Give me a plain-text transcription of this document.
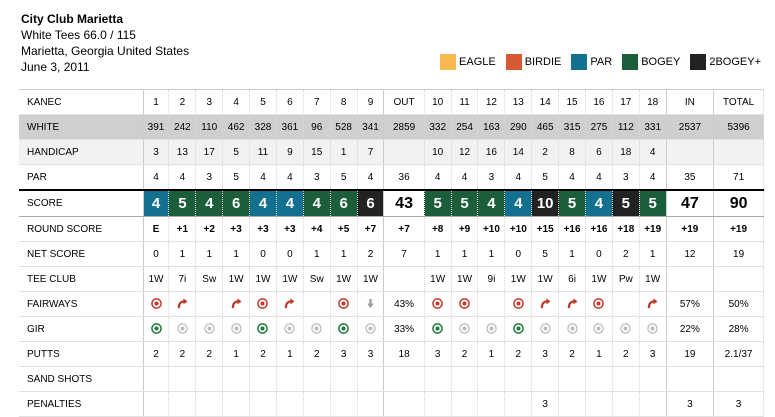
City Club Marietta
White Tees 66.0 / 115
Marietta, Georgia United States
June 3, 2011	EAGLE	BIRDIE	PAR	BOGEY	2BOGEY+
KANEC	1	2	3	4	5	6	7	8	9	OUT	10	11	12	13	14	15	16	17	18	IN	TOTAL
WHITE	391	242	110	462	328	361	96	528	341	2859	332	254	163	290	465	315	275	112	331	2537	5396
HANDICAP	3	13	17	5	11	9	15	1	7		10	12	16	14	2	8	6	18	4		
PAR	4	4	3	5	4	4	3	5	4	36	4	4	3	4	5	4	4	3	4	35	71
SCORE	4	5	4	6	4	4	4	6	6	43	5	5	4	4	10	5	4	5	5	47	90
ROUND SCORE	E	+1	+2	+3	+3	+3	+4	+5	+7	+7	+8	+9	+10	+10	+15	+16	+16	+18	+19	+19	+19
NET SCORE	0	1	1	1	0	0	1	1	2	7	1	1	1	0	5	1	0	2	1	12	19
TEE CLUB	1W	7i	Sw	1W	1W	1W	Sw	1W	1W		1W	1W	9i	1W	1W	6i	1W	Pw	1W		
FAIRWAYS										43%										57%	50%
GIR										33%										22%	28%
PUTTS	2	2	2	1	2	1	2	3	3	18	3	2	1	2	3	2	1	2	3	19	2.1/37
SAND SHOTS																					
PENALTIES															3					3	3
